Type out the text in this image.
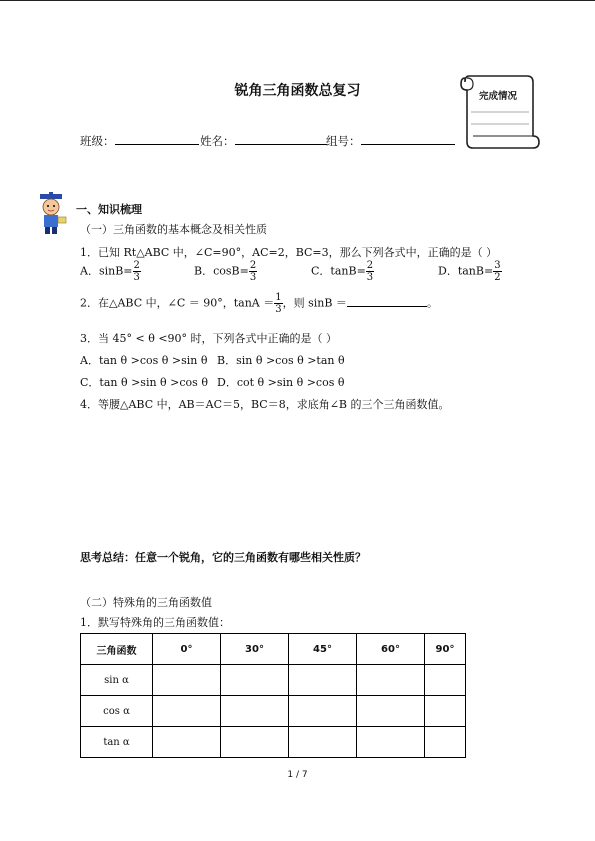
锐角三角函数总复习	完成情况
班级：	姓名：	组号：
一、知识梳理
（一）三角函数的基本概念及相关性质
1．已知 Rt△ABC 中，∠C=90°，AC=2，BC=3，那么下列各式中，正确的是（ ）
A．$\sin B= \frac{2}{3}$	B．$\cos B= \frac{2}{3}$	C．$\tan B= \frac{2}{3}$	D．$\tan B= \frac{3}{2}$
2．在△ABC 中，∠C ＝ 90°，$\tan A = \frac{1}{3}$ ，则 sinB ＝	。
3．当 45° < θ <90° 时，下列各式中正确的是（ ）
A．tan θ >cos θ >sin θ B．sin θ >cos θ >tan θ
C．tan θ >sin θ >cos θ D．cot θ >sin θ >cos θ
4．等腰△ABC 中，AB＝AC＝5，BC＝8，求底角∠B 的三个三角函数值。
思考总结：任意一个锐角，它的三角函数有哪些相关性质？
（二）特殊角的三角函数值
1．默写特殊角的三角函数值：
三角函数	0°	30°	45°	60°	90°
sin α					
cos α					
tan α					
1 / 7
